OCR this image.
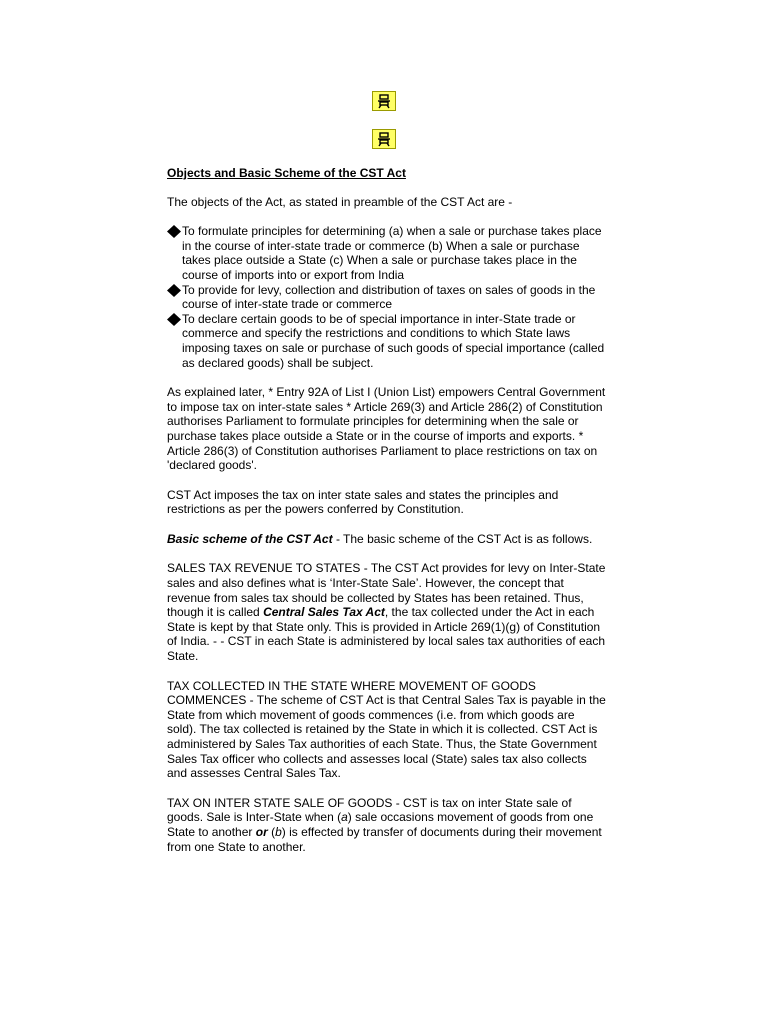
Objects and Basic Scheme of the CST Act

The objects of the Act, as stated in preamble of the CST Act are -

To formulate principles for determining (a) when a sale or purchase takes place in the course of inter-state trade or commerce (b) When a sale or purchase takes place outside a State (c) When a sale or purchase takes place in the course of imports into or export from India
To provide for levy, collection and distribution of taxes on sales of goods in the course of inter-state trade or commerce
To declare certain goods to be of special importance in inter-State trade or commerce and specify the restrictions and conditions to which State laws imposing taxes on sale or purchase of such goods of special importance (called as declared goods) shall be subject.

As explained later, * Entry 92A of List I (Union List) empowers Central Government to impose tax on inter-state sales * Article 269(3) and Article 286(2) of Constitution authorises Parliament to formulate principles for determining when the sale or purchase takes place outside a State or in the course of imports and exports. * Article 286(3) of Constitution authorises Parliament to place restrictions on tax on 'declared goods'.

CST Act imposes the tax on inter state sales and states the principles and restrictions as per the powers conferred by Constitution.

Basic scheme of the CST Act - The basic scheme of the CST Act is as follows.

SALES TAX REVENUE TO STATES - The CST Act provides for levy on Inter-State sales and also defines what is ‘Inter-State Sale’. However, the concept that revenue from sales tax should be collected by States has been retained. Thus, though it is called Central Sales Tax Act, the tax collected under the Act in each State is kept by that State only. This is provided in Article 269(1)(g) of Constitution of India. - - CST in each State is administered by local sales tax authorities of each State.

TAX COLLECTED IN THE STATE WHERE MOVEMENT OF GOODS COMMENCES - The scheme of CST Act is that Central Sales Tax is payable in the State from which movement of goods commences (i.e. from which goods are sold). The tax collected is retained by the State in which it is collected. CST Act is administered by Sales Tax authorities of each State. Thus, the State Government Sales Tax officer who collects and assesses local (State) sales tax also collects and assesses Central Sales Tax.

TAX ON INTER STATE SALE OF GOODS - CST is tax on inter State sale of goods. Sale is Inter-State when (a) sale occasions movement of goods from one State to another or (b) is effected by transfer of documents during their movement from one State to another.
